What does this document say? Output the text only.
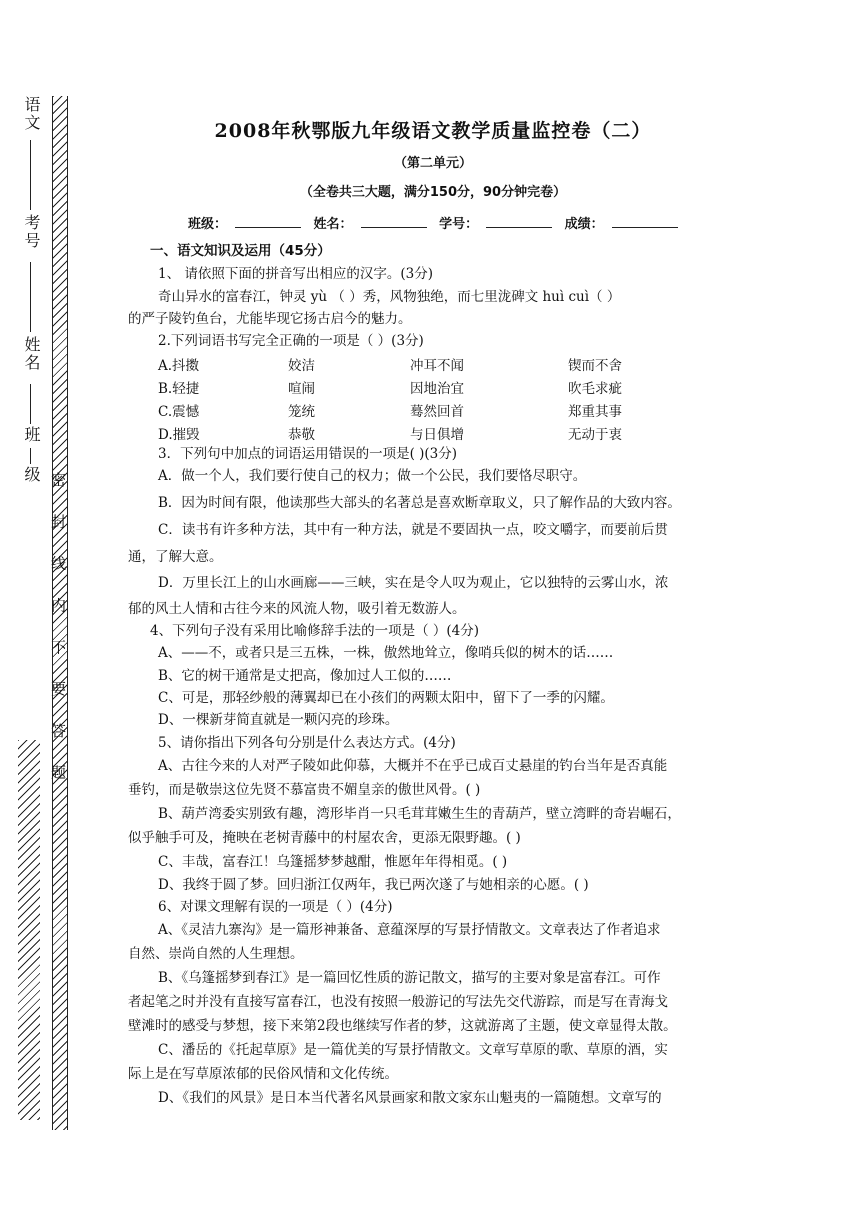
语文
考号
姓名
班
级 密 封 线 内 不 要 答 题
2008年秋鄂版九年级语文教学质量监控卷（二）
（第二单元）
（全卷共三大题，满分150分，90分钟完卷）
班级：	姓名：	学号：	成绩：
一、语文知识及运用（45分）
1、 请依照下面的拼音写出相应的汉字。(3分)
奇山异水的富春江，钟灵 yù （ ）秀，风物独绝，而七里泷碑文 huì cuì（ ）
的严子陵钓鱼台，尤能毕现它扬古启今的魅力。
2.下列词语书写完全正确的一项是（ ）(3分)
A.抖擞	姣洁	冲耳不闻	锲而不舍
B.轻捷	喧闹	因地治宜	吹毛求疵
C.震憾	笼统	蓦然回首	郑重其事
D.摧毁	恭敬	与日俱增	无动于衷
3．下列句中加点的词语运用错误的一项是( )(3分)
A．做一个人，我们要行使自己的权力；做一个公民，我们要恪尽职守。
B．因为时间有限，他读那些大部头的名著总是喜欢断章取义，只了解作品的大致内容。
C．读书有许多种方法，其中有一种方法，就是不要固执一点，咬文嚼字，而要前后贯
通，了解大意。
D．万里长江上的山水画廊——三峡，实在是令人叹为观止，它以独特的云雾山水，浓
郁的风土人情和古往今来的风流人物，吸引着无数游人。
4、下列句子没有采用比喻修辞手法的一项是（ ）(4分)
A、——不，或者只是三五株，一株，傲然地耸立，像哨兵似的树木的话……
B、它的树干通常是丈把高，像加过人工似的……
C、可是，那轻纱般的薄翼却已在小孩们的两颗太阳中，留下了一季的闪耀。
D、一棵新芽简直就是一颗闪亮的珍珠。
5、请你指出下列各句分别是什么表达方式。(4分)
A、古往今来的人对严子陵如此仰慕，大概并不在乎已成百丈悬崖的钓台当年是否真能
垂钓，而是敬崇这位先贤不慕富贵不媚皇亲的傲世风骨。( )
B、葫芦湾委实别致有趣，湾形毕肖一只毛茸茸嫩生生的青葫芦，壁立湾畔的奇岩崛石，
似乎触手可及，掩映在老树青藤中的村屋农舍，更添无限野趣。( )
C、丰哉，富春江！乌篷摇梦梦越酣，惟愿年年得相觅。( )
D、我终于圆了梦。回归浙江仅两年，我已两次遂了与她相亲的心愿。( )
6、对课文理解有误的一项是（ ）(4分)
A、《灵洁九寨沟》是一篇形神兼备、意蕴深厚的写景抒情散文。文章表达了作者追求
自然、崇尚自然的人生理想。
B、《乌篷摇梦到春江》是一篇回忆性质的游记散文，描写的主要对象是富春江。可作
者起笔之时并没有直接写富春江，也没有按照一般游记的写法先交代游踪，而是写在青海戈
壁滩时的感受与梦想，接下来第2段也继续写作者的梦，这就游离了主题，使文章显得太散。
C、潘岳的《托起草原》是一篇优美的写景抒情散文。文章写草原的歌、草原的酒，实
际上是在写草原浓郁的民俗风情和文化传统。
D、《我们的风景》是日本当代著名风景画家和散文家东山魁夷的一篇随想。文章写的
